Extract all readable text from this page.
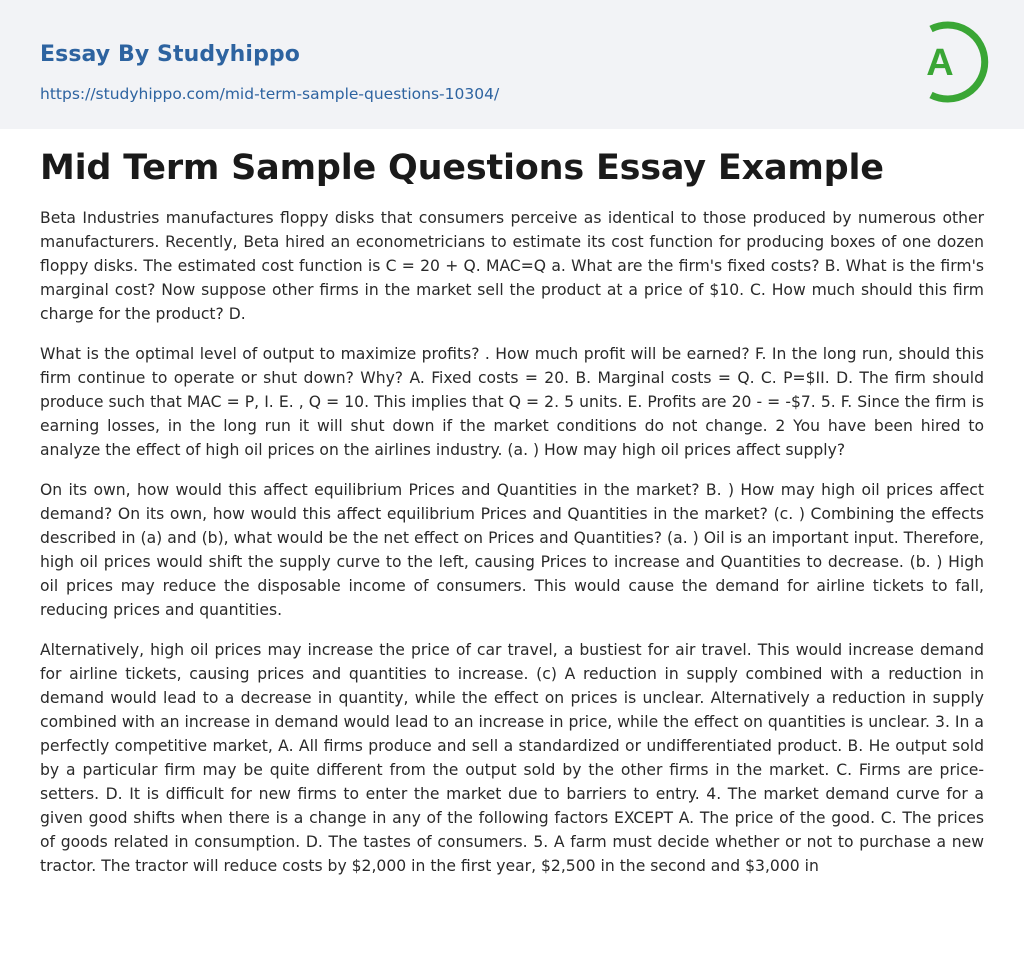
Essay By Studyhippo
https://studyhippo.com/mid-term-sample-questions-10304/
A
Mid Term Sample Questions Essay Example

Beta Industries manufactures floppy disks that consumers perceive as identical to those produced by numerous other manufacturers. Recently, Beta hired an econometricians to estimate its cost function for producing boxes of one dozen floppy disks. The estimated cost function is C = 20 + Q. MAC=Q a. What are the firm's fixed costs? B. What is the firm's marginal cost? Now suppose other firms in the market sell the product at a price of $10. C. How much should this firm charge for the product? D.

What is the optimal level of output to maximize profits? . How much profit will be earned? F. In the long run, should this firm continue to operate or shut down? Why? A. Fixed costs = 20. B. Marginal costs = Q. C. P=$II. D. The firm should produce such that MAC = P, I. E. , Q = 10. This implies that Q = 2. 5 units. E. Profits are 20 - = -$7. 5. F. Since the firm is earning losses, in the long run it will shut down if the market conditions do not change. 2 You have been hired to analyze the effect of high oil prices on the airlines industry. (a. ) How may high oil prices affect supply?

On its own, how would this affect equilibrium Prices and Quantities in the market? B. ) How may high oil prices affect demand? On its own, how would this affect equilibrium Prices and Quantities in the market? (c. ) Combining the effects described in (a) and (b), what would be the net effect on Prices and Quantities? (a. ) Oil is an important input. Therefore, high oil prices would shift the supply curve to the left, causing Prices to increase and Quantities to decrease. (b. ) High oil prices may reduce the disposable income of consumers. This would cause the demand for airline tickets to fall, reducing prices and quantities.

Alternatively, high oil prices may increase the price of car travel, a bustiest for air travel. This would increase demand for airline tickets, causing prices and quantities to increase. (c) A reduction in supply combined with a reduction in demand would lead to a decrease in quantity, while the effect on prices is unclear. Alternatively a reduction in supply combined with an increase in demand would lead to an increase in price, while the effect on quantities is unclear. 3. In a perfectly competitive market, A. All firms produce and sell a standardized or undifferentiated product. B. He output sold by a particular firm may be quite different from the output sold by the other firms in the market. C. Firms are price-setters. D. It is difficult for new firms to enter the market due to barriers to entry. 4. The market demand curve for a given good shifts when there is a change in any of the following factors EXCEPT A. The price of the good. C. The prices of goods related in consumption. D. The tastes of consumers. 5. A farm must decide whether or not to purchase a new tractor. The tractor will reduce costs by $2,000 in the first year, $2,500 in the second and $3,000 in
